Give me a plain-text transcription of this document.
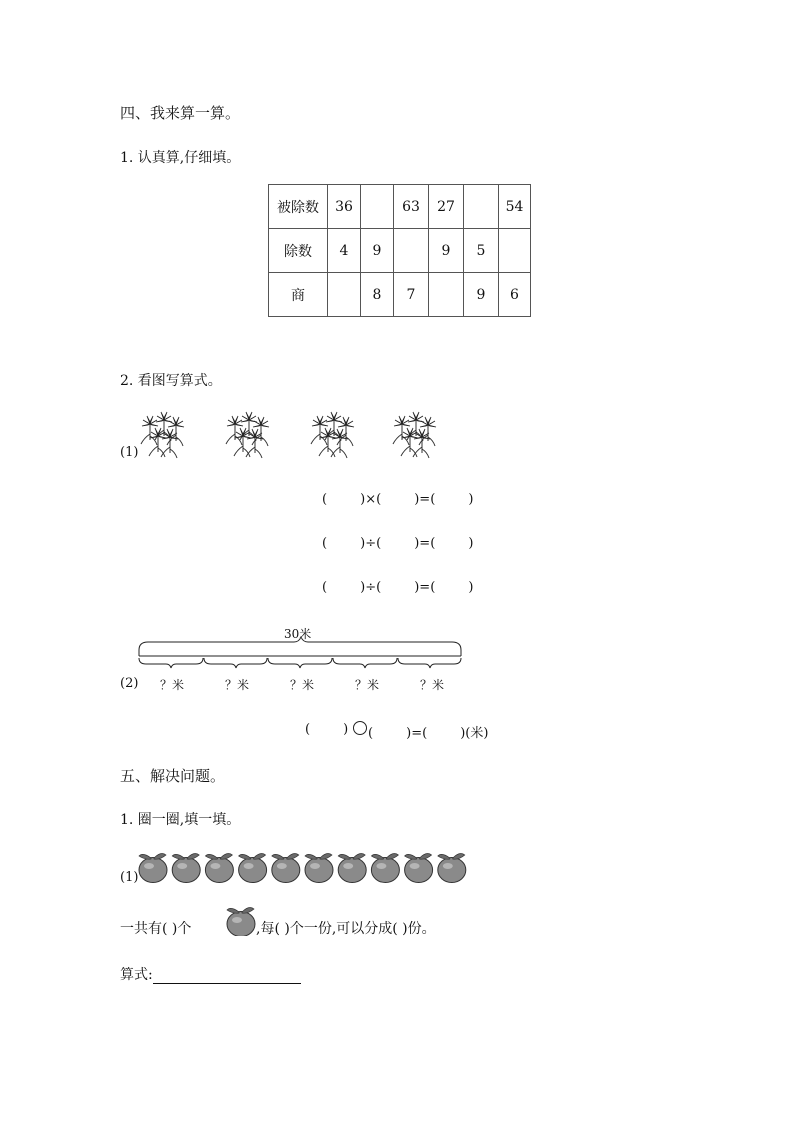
四、我来算一算。
1. 认真算,仔细填。
被除数	36		63	27		54
除数	4	9		9	5	
商		8	7		9	6
2. 看图写算式。
(1)
(        )×(        )=(        )
(        )÷(        )=(        )
(        )÷(        )=(        )
30米
(2) ？米	？米	？米	？米	？米
(        ) (        )=(        )(米)
五、解决问题。
1. 圈一圈,填一填。
(1)
一共有( )个	,每( )个一份,可以分成( )份。
算式:
